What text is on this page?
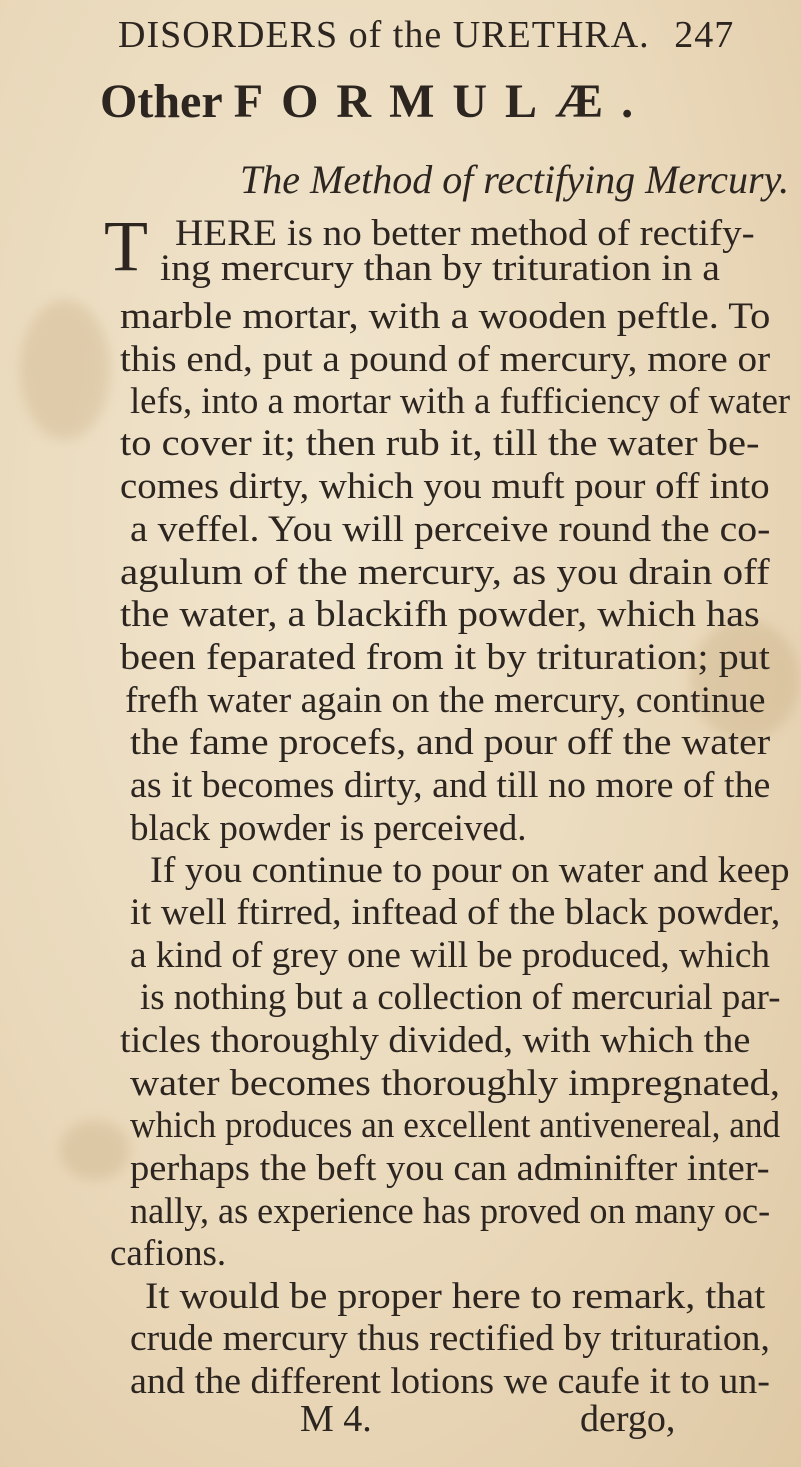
DISORDERS of the URETHRA. 247
Other FORMULÆ.
The Method of rectifying Mercury.
T HERE is no better method of rectify-
ing mercury than by trituration in a
marble mortar, with a wooden peftle. To
this end, put a pound of mercury, more or
lefs, into a mortar with a fufficiency of water
to cover it; then rub it, till the water be-
comes dirty, which you muft pour off into
a veffel. You will perceive round the co-
agulum of the mercury, as you drain off
the water, a blackifh powder, which has
been feparated from it by trituration; put
frefh water again on the mercury, continue
the fame procefs, and pour off the water
as it becomes dirty, and till no more of the
black powder is perceived.
If you continue to pour on water and keep
it well ftirred, inftead of the black powder,
a kind of grey one will be produced, which
is nothing but a collection of mercurial par-
ticles thoroughly divided, with which the
water becomes thoroughly impregnated,
which produces an excellent antivenereal, and
perhaps the beft you can adminifter inter-
nally, as experience has proved on many oc-
cafions.
It would be proper here to remark, that
crude mercury thus rectified by trituration,
and the different lotions we caufe it to un-
M 4.	dergo,
